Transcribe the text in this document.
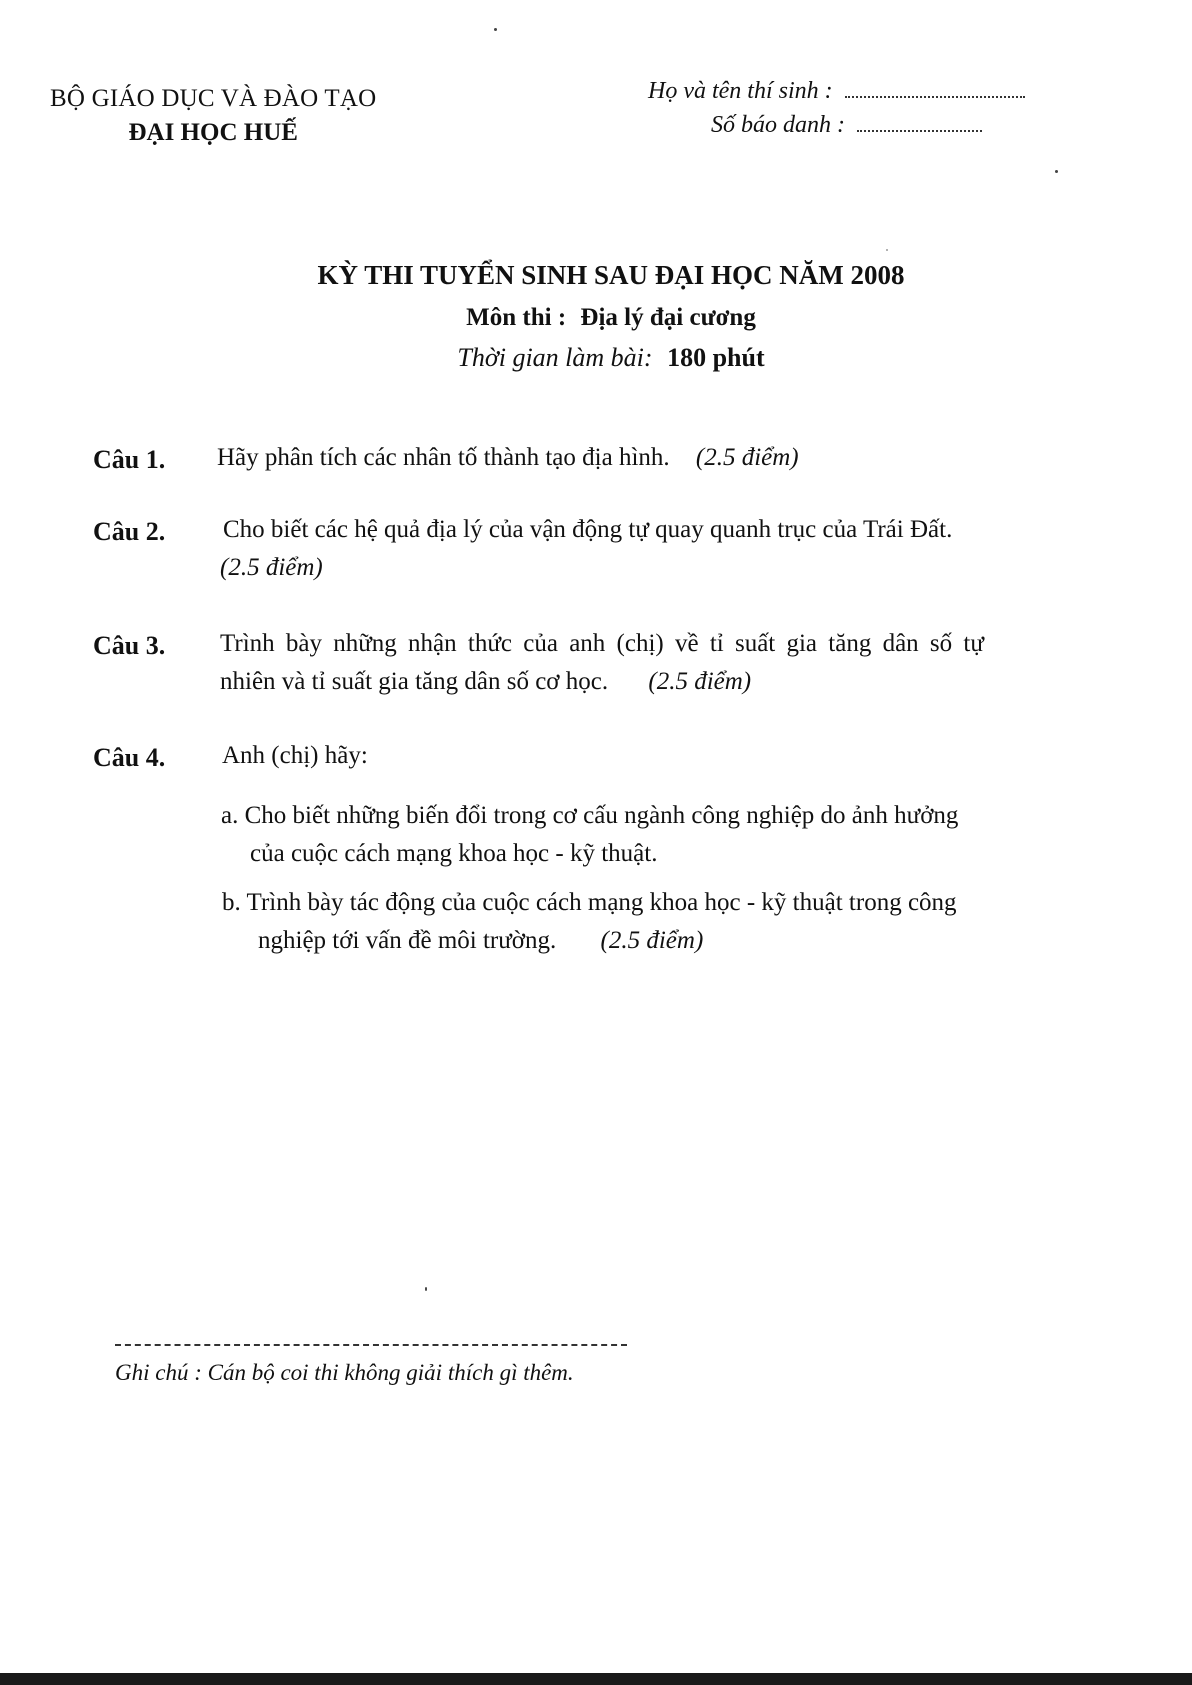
BỘ GIÁO DỤC VÀ ĐÀO TẠO
ĐẠI HỌC HUẾ
Họ và tên thí sinh :
Số báo danh :
KỲ THI TUYỂN SINH SAU ĐẠI HỌC NĂM 2008
Môn thi : Địa lý đại cương
Thời gian làm bài: 180 phút
Câu 1. Hãy phân tích các nhân tố thành tạo địa hình. (2.5 điểm)
Câu 2. Cho biết các hệ quả địa lý của vận động tự quay quanh trục của Trái Đất.
(2.5 điểm)
Câu 3. Trình bày những nhận thức của anh (chị) về tỉ suất gia tăng dân số tự
nhiên và tỉ suất gia tăng dân số cơ học. (2.5 điểm)
Câu 4. Anh (chị) hãy:
a. Cho biết những biến đổi trong cơ cấu ngành công nghiệp do ảnh hưởng
của cuộc cách mạng khoa học - kỹ thuật.
b. Trình bày tác động của cuộc cách mạng khoa học - kỹ thuật trong công
nghiệp tới vấn đề môi trường. (2.5 điểm)
Ghi chú : Cán bộ coi thi không giải thích gì thêm.
